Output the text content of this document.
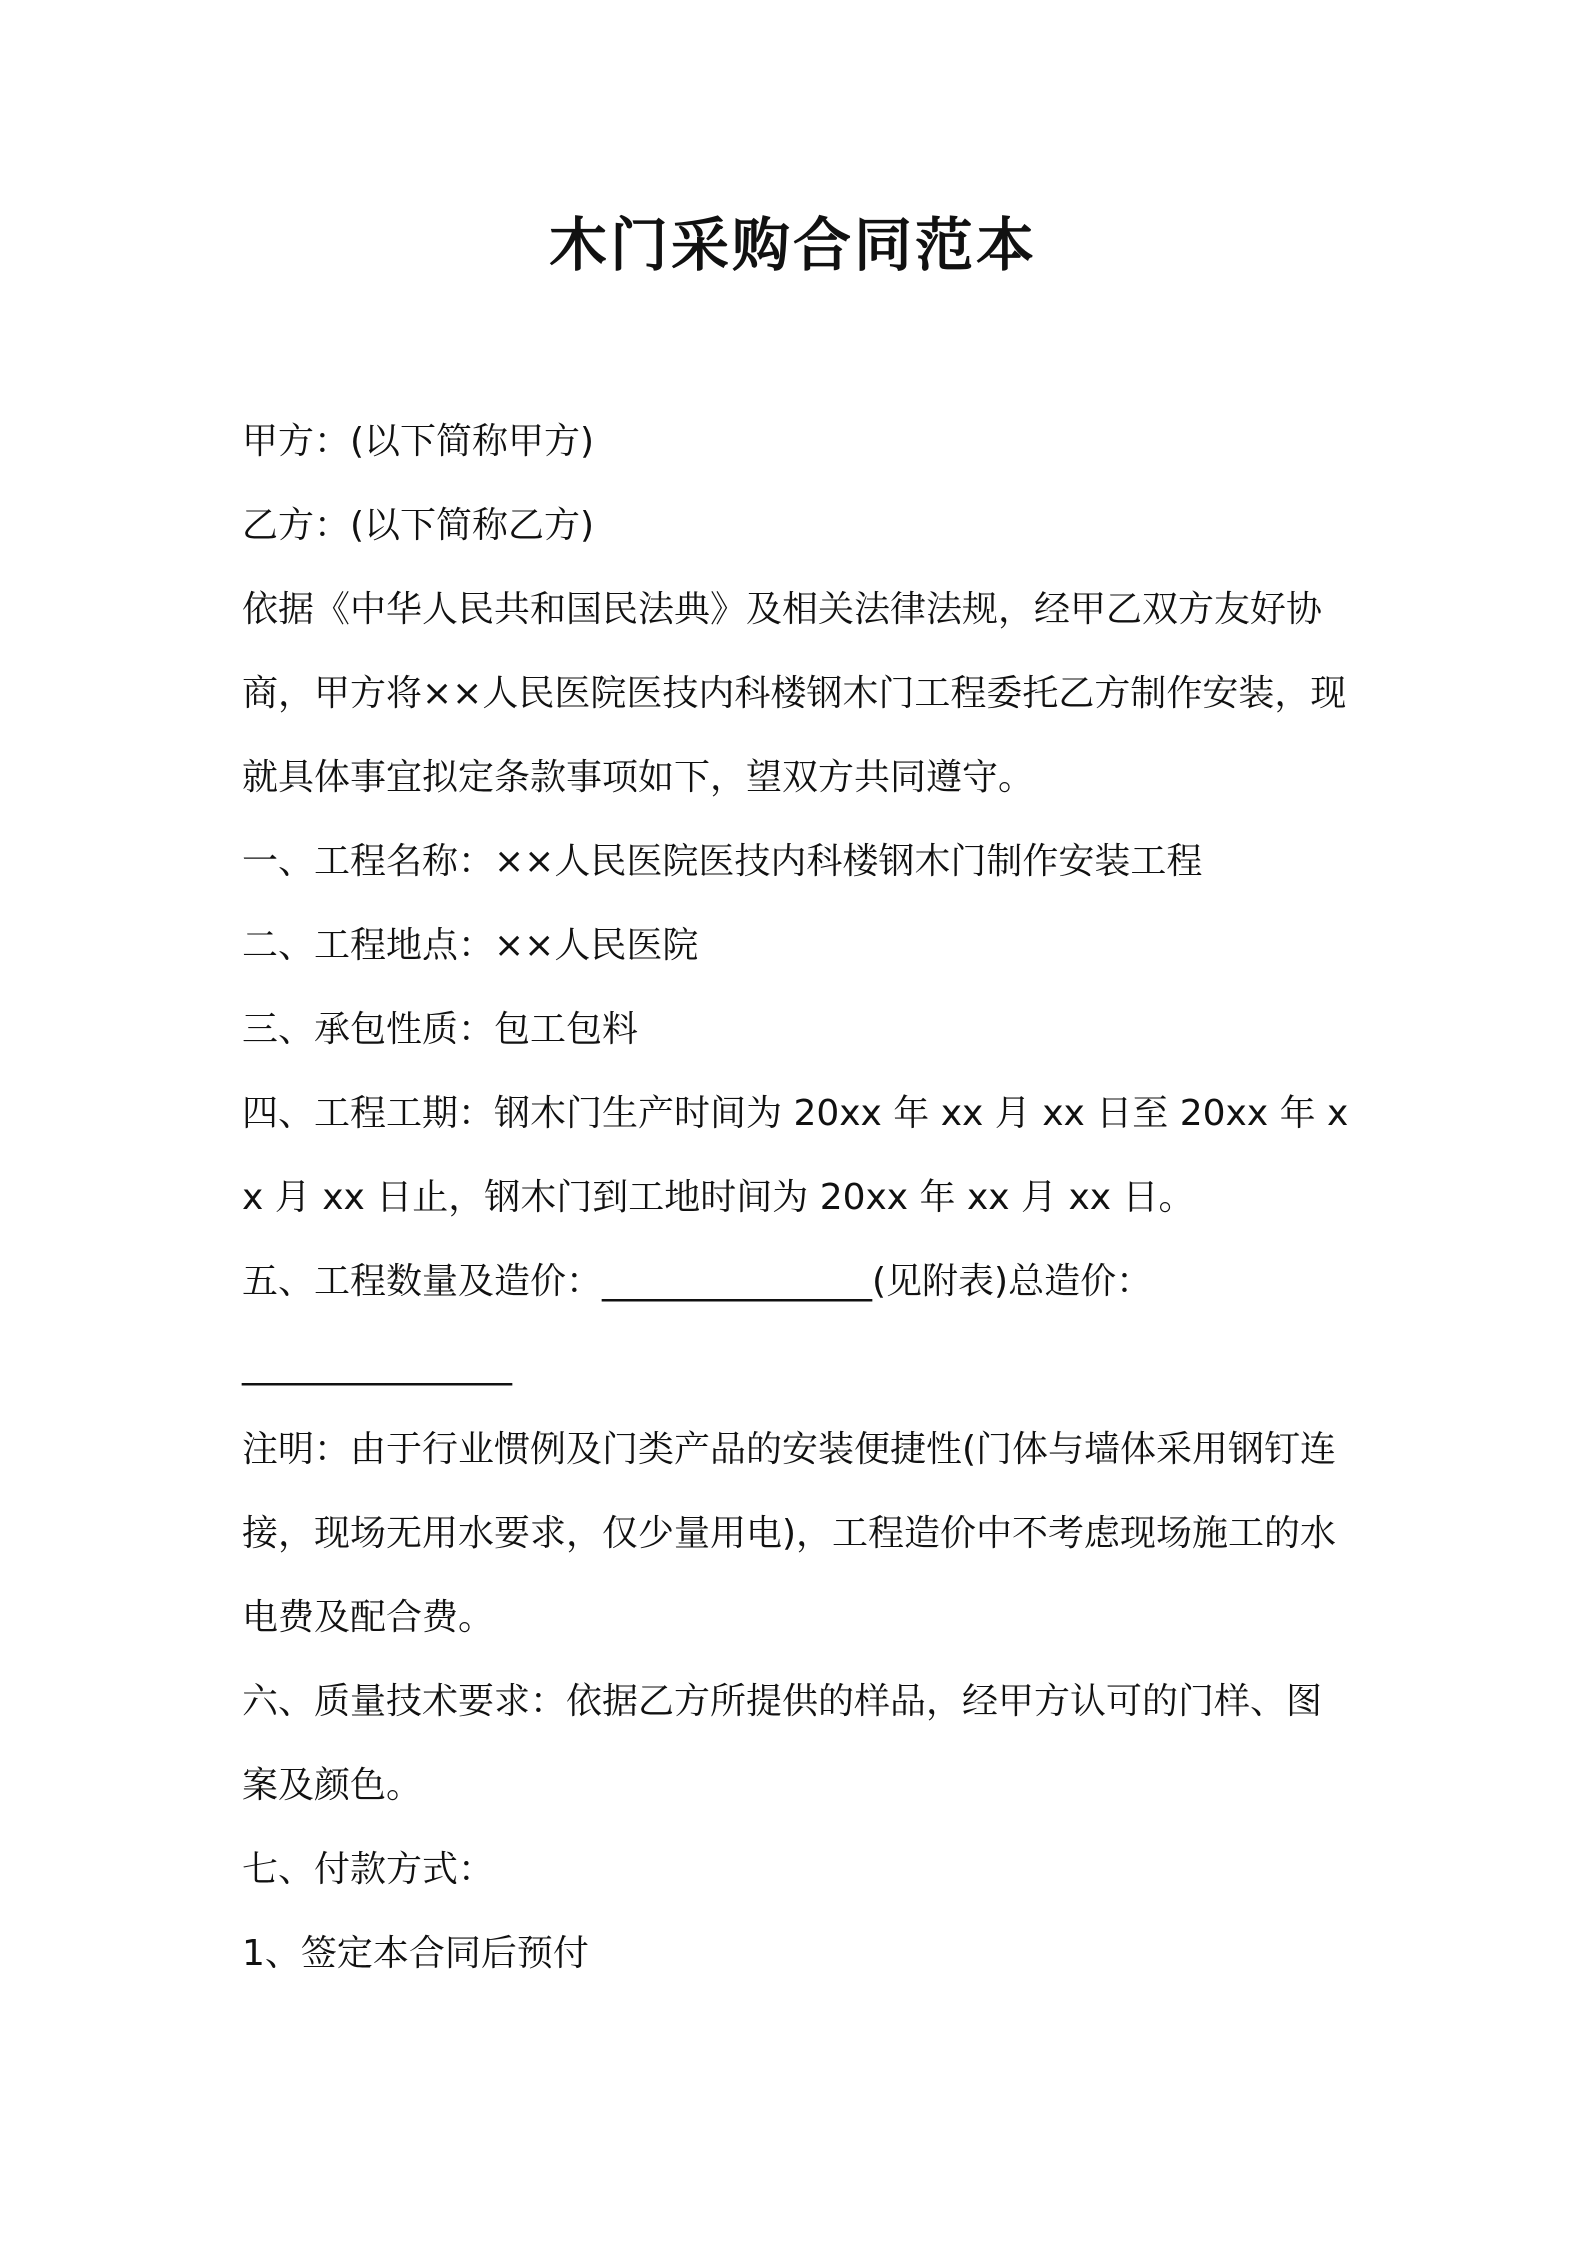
木门采购合同范本

甲方：(以下简称甲方)

乙方：(以下简称乙方)

依据《中华人民共和国民法典》及相关法律法规，经甲乙双方友好协商，甲方将××人民医院医技内科楼钢木门工程委托乙方制作安装，现就具体事宜拟定条款事项如下，望双方共同遵守。

一、工程名称：××人民医院医技内科楼钢木门制作安装工程

二、工程地点：××人民医院

三、承包性质：包工包料

四、工程工期：钢木门生产时间为 20xx 年 xx 月 xx 日至 20xx 年 xx 月 xx 日止，钢木门到工地时间为 20xx 年 xx 月 xx 日。

五、工程数量及造价：_______________(见附表)总造价：

_______________

注明：由于行业惯例及门类产品的安装便捷性(门体与墙体采用钢钉连接，现场无用水要求，仅少量用电)，工程造价中不考虑现场施工的水电费及配合费。

六、质量技术要求：依据乙方所提供的样品，经甲方认可的门样、图案及颜色。

七、付款方式：

1、签定本合同后预付
